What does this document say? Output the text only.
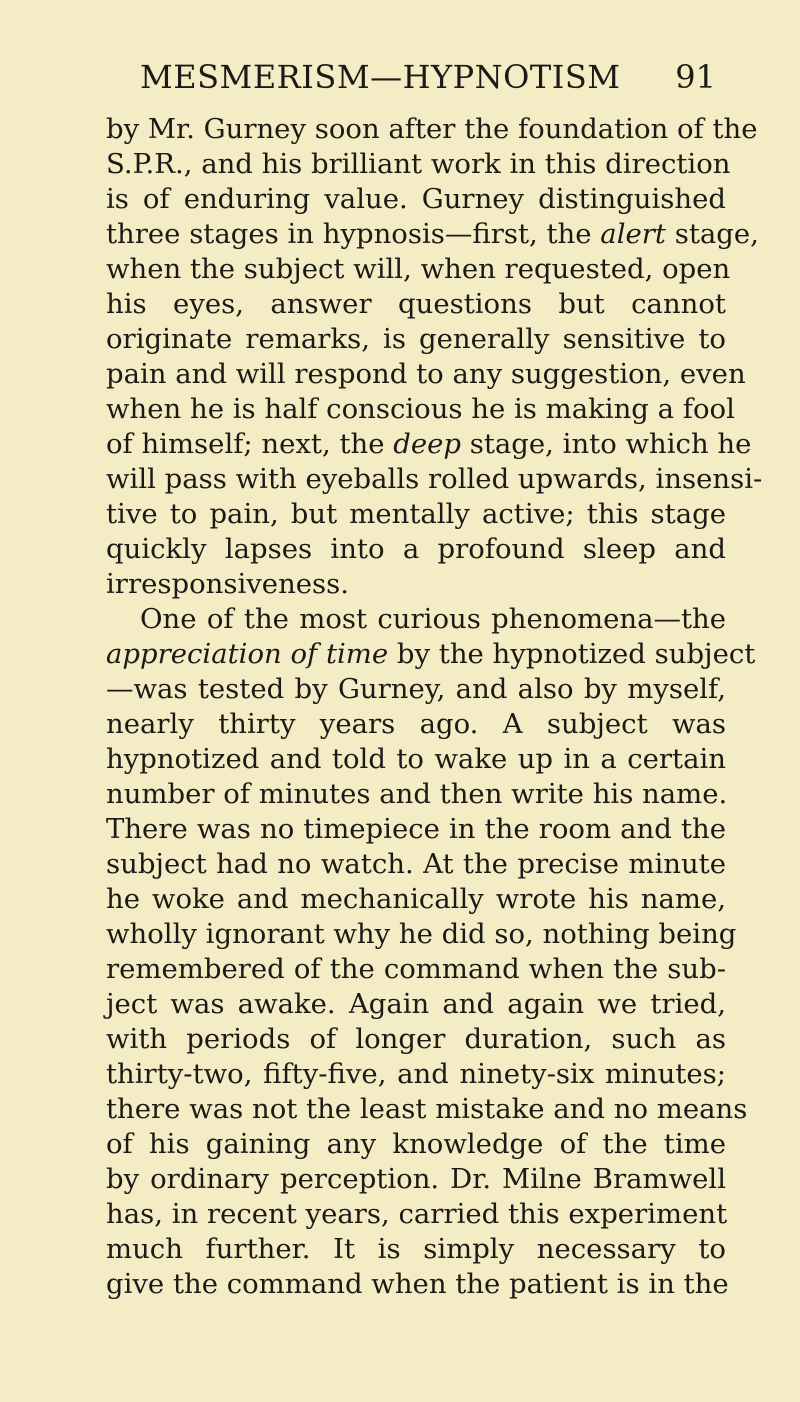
MESMERISM—HYPNOTISM 91
by Mr. Gurney soon after the foundation of the
S.P.R., and his brilliant work in this direction
is of enduring value. Gurney distinguished
three stages in hypnosis—first, the alert stage,
when the subject will, when requested, open
his eyes, answer questions but cannot
originate remarks, is generally sensitive to
pain and will respond to any suggestion, even
when he is half conscious he is making a fool
of himself; next, the deep stage, into which he
will pass with eyeballs rolled upwards, insensi-
tive to pain, but mentally active; this stage
quickly lapses into a profound sleep and
irresponsiveness.
One of the most curious phenomena—the
appreciation of time by the hypnotized subject
—was tested by Gurney, and also by myself,
nearly thirty years ago. A subject was
hypnotized and told to wake up in a certain
number of minutes and then write his name.
There was no timepiece in the room and the
subject had no watch. At the precise minute
he woke and mechanically wrote his name,
wholly ignorant why he did so, nothing being
remembered of the command when the sub-
ject was awake. Again and again we tried,
with periods of longer duration, such as
thirty-two, fifty-five, and ninety-six minutes;
there was not the least mistake and no means
of his gaining any knowledge of the time
by ordinary perception. Dr. Milne Bramwell
has, in recent years, carried this experiment
much further. It is simply necessary to
give the command when the patient is in the
